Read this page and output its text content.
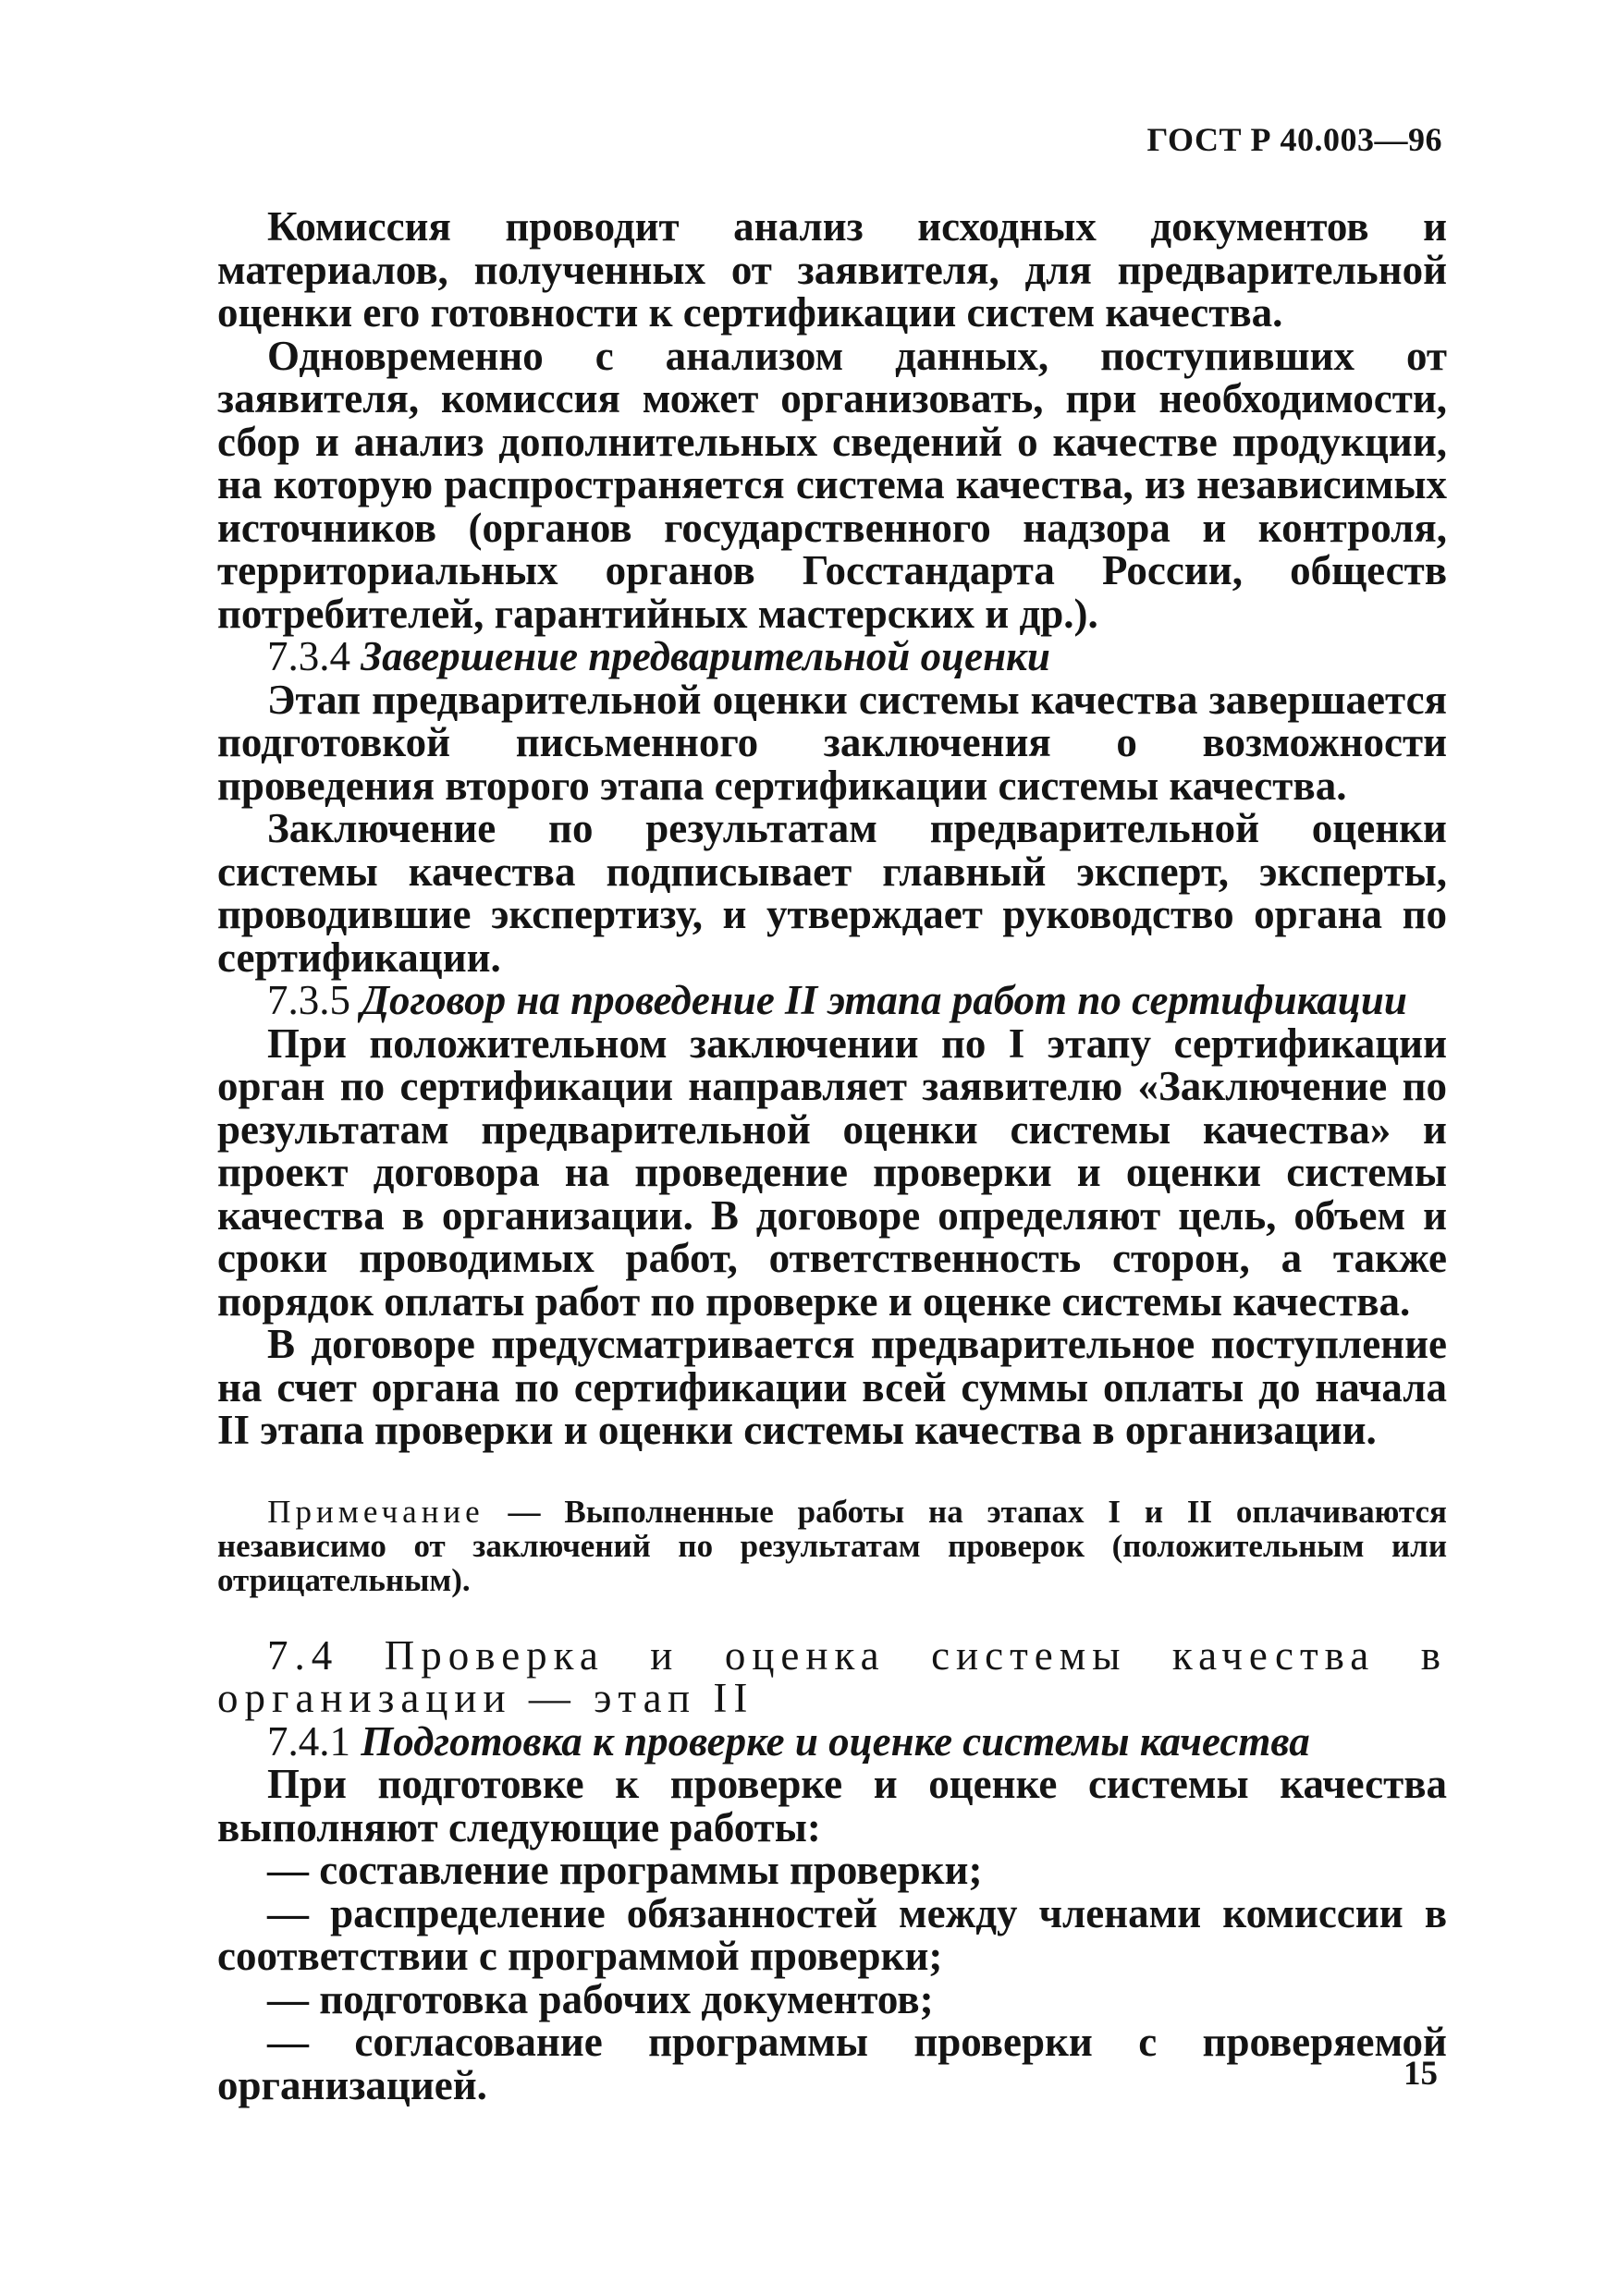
ГОСТ Р 40.003—96

Комиссия проводит анализ исходных документов и материалов, полученных от заявителя, для предварительной оценки его готовности к сертификации систем качества.

Одновременно с анализом данных, поступивших от заявителя, комиссия может организовать, при необходимости, сбор и анализ дополнительных сведений о качестве продукции, на которую распространяется система качества, из независимых источников (органов государственного надзора и контроля, территориальных органов Госстандарта России, обществ потребителей, гарантийных мастерских и др.).

7.3.4 Завершение предварительной оценки

Этап предварительной оценки системы качества завершается подготовкой письменного заключения о возможности проведения второго этапа сертификации системы качества.

Заключение по результатам предварительной оценки системы качества подписывает главный эксперт, эксперты, проводившие экспертизу, и утверждает руководство органа по сертификации.

7.3.5 Договор на проведение II этапа работ по сертификации

При положительном заключении по I этапу сертификации орган по сертификации направляет заявителю «Заключение по результатам предварительной оценки системы качества» и проект договора на проведение проверки и оценки системы качества в организации. В договоре определяют цель, объем и сроки проводимых работ, ответственность сторон, а также порядок оплаты работ по проверке и оценке системы качества.

В договоре предусматривается предварительное поступление на счет органа по сертификации всей суммы оплаты до начала II этапа проверки и оценки системы качества в организации.

Примечание — Выполненные работы на этапах I и II оплачиваются независимо от заключений по результатам проверок (положительным или отрицательным).

7.4 Проверка и оценка системы качества в организации — этап II

7.4.1 Подготовка к проверке и оценке системы качества

При подготовке к проверке и оценке системы качества выполняют следующие работы:

— составление программы проверки;
— распределение обязанностей между членами комиссии в соответствии с программой проверки;
— подготовка рабочих документов;
— согласование программы проверки с проверяемой организацией.	15
